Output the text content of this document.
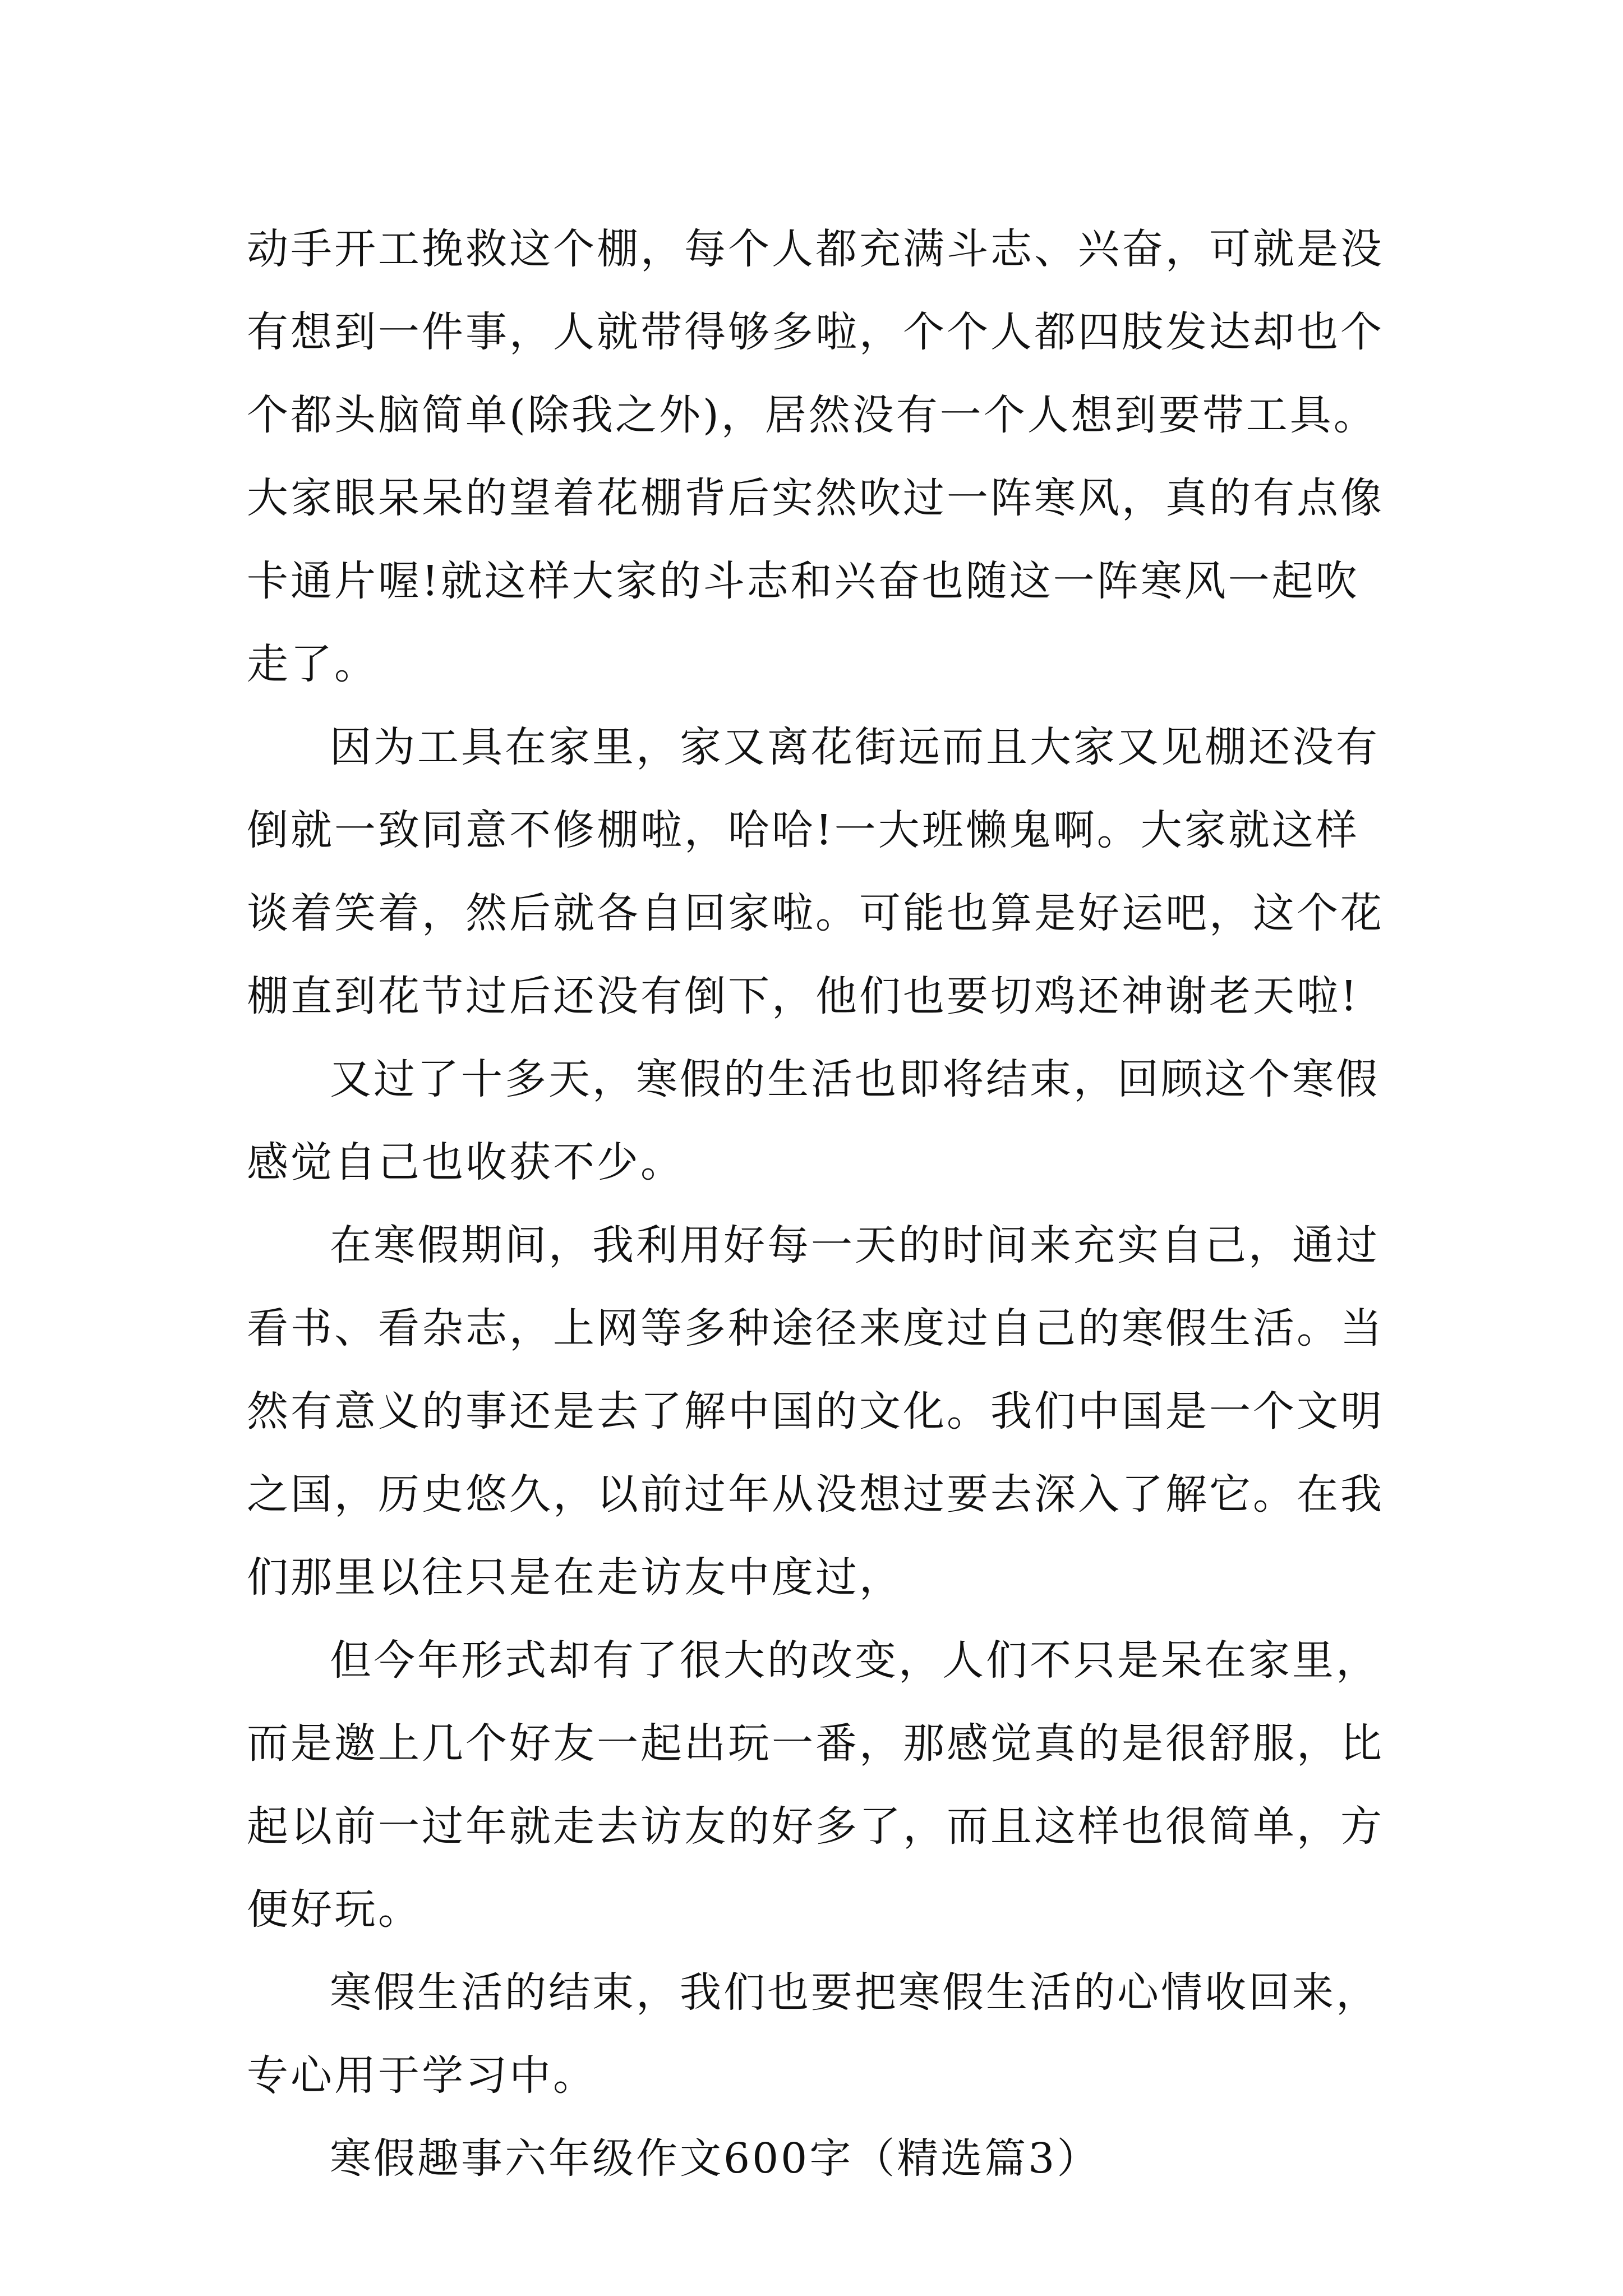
动手开工挽救这个棚，每个人都充满斗志、兴奋，可就是没
有想到一件事，人就带得够多啦，个个人都四肢发达却也个
个都头脑简单(除我之外)，居然没有一个人想到要带工具。
大家眼呆呆的望着花棚背后实然吹过一阵寒风，真的有点像
卡通片喔!就这样大家的斗志和兴奋也随这一阵寒风一起吹
走了。
因为工具在家里，家又离花街远而且大家又见棚还没有
倒就一致同意不修棚啦，哈哈!一大班懒鬼啊。大家就这样
谈着笑着，然后就各自回家啦。可能也算是好运吧，这个花
棚直到花节过后还没有倒下，他们也要切鸡还神谢老天啦!
又过了十多天，寒假的生活也即将结束，回顾这个寒假
感觉自己也收获不少。
在寒假期间，我利用好每一天的时间来充实自己，通过
看书、看杂志，上网等多种途径来度过自己的寒假生活。当
然有意义的事还是去了解中国的文化。我们中国是一个文明
之国，历史悠久，以前过年从没想过要去深入了解它。在我
们那里以往只是在走访友中度过，
但今年形式却有了很大的改变，人们不只是呆在家里，
而是邀上几个好友一起出玩一番，那感觉真的是很舒服，比
起以前一过年就走去访友的好多了，而且这样也很简单，方
便好玩。
寒假生活的结束，我们也要把寒假生活的心情收回来，
专心用于学习中。
寒假趣事六年级作文600字（精选篇3）
